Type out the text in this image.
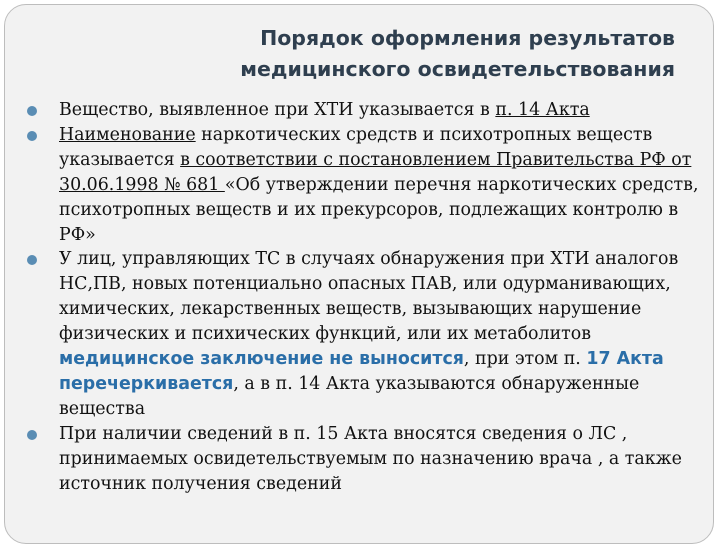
Порядок оформления результатов
медицинского освидетельствования
Вещество, выявленное при ХТИ указывается в п. 14 Акта
Наименование наркотических средств и психотропных веществ указывается в соответствии с постановлением Правительства РФ от 30.06.1998 № 681 «Об утверждении перечня наркотических средств, психотропных веществ и их прекурсоров, подлежащих контролю в РФ»
У лиц, управляющих ТС в случаях обнаружения при ХТИ аналогов НС,ПВ, новых потенциально опасных ПАВ, или одурманивающих, химических, лекарственных веществ, вызывающих нарушение физических и психических функций, или их метаболитов медицинское заключение не выносится, при этом п. 17 Акта перечеркивается, а в п. 14 Акта указываются обнаруженные вещества
При наличии сведений в п. 15 Акта вносятся сведения о ЛС , принимаемых освидетельствуемым по назначению врача , а также источник получения сведений
